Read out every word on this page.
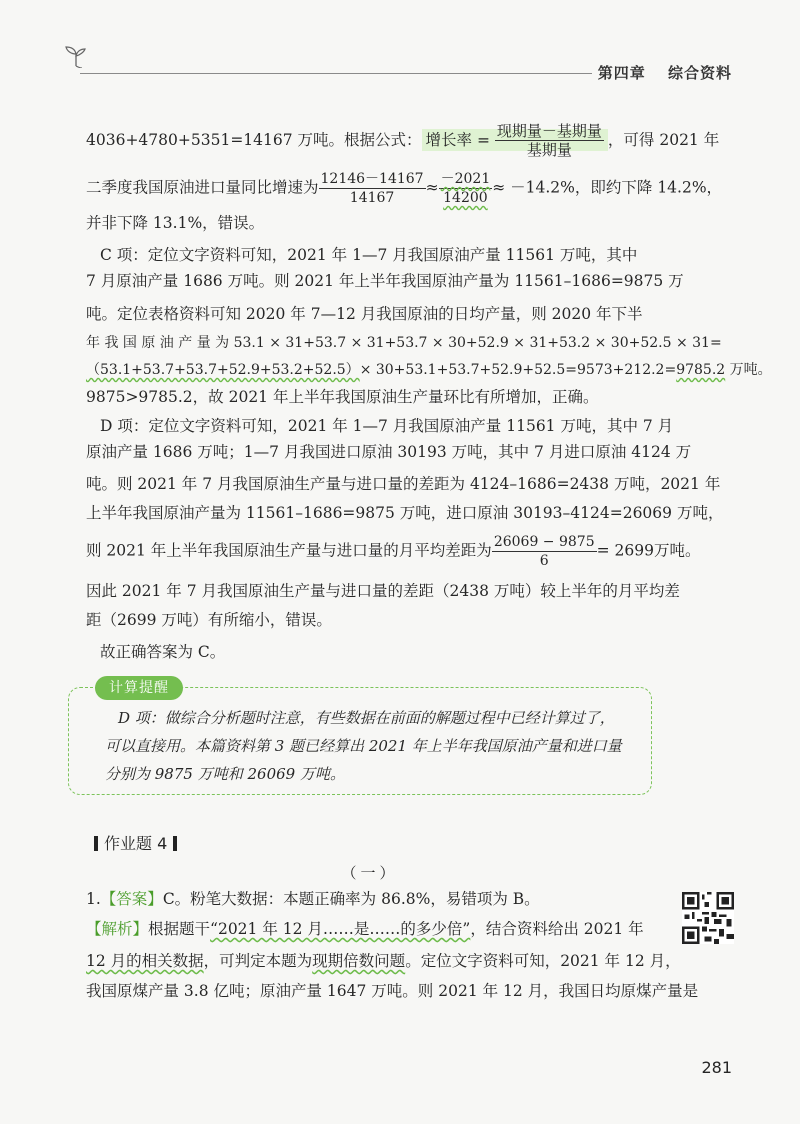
第四章 综合资料
4036+4780+5351=14167 万吨。根据公式： 增长率 = $\frac{\text{现期量－基期量}}{\text{基期量}}$ ，可得 2021 年
二季度我国原油进口量同比增速为 $\frac{12146-14167}{14167} \approx \frac{-2021}{14200} \approx -14.2\%$，即约下降 14.2%，
并非下降 13.1%，错误。
C 项：定位文字资料可知，2021 年 1—7 月我国原油产量 11561 万吨，其中
7 月原油产量 1686 万吨。则 2021 年上半年我国原油产量为 11561–1686=9875 万
吨。定位表格资料可知 2020 年 7—12 月我国原油的日均产量，则 2020 年下半
年 我 国 原 油 产 量 为 53.1 × 31+53.7 × 31+53.7 × 30+52.9 × 31+53.2 × 30+52.5 × 31=
（53.1+53.7+53.7+52.9+53.2+52.5）× 30+53.1+53.7+52.9+52.5=9573+212.2=9785.2 万吨。
9875>9785.2，故 2021 年上半年我国原油生产量环比有所增加，正确。
D 项：定位文字资料可知，2021 年 1—7 月我国原油产量 11561 万吨，其中 7 月
原油产量 1686 万吨；1—7 月我国进口原油 30193 万吨，其中 7 月进口原油 4124 万
吨。则 2021 年 7 月我国原油生产量与进口量的差距为 4124–1686=2438 万吨，2021 年
上半年我国原油产量为 11561–1686=9875 万吨，进口原油 30193–4124=26069 万吨，
则 2021 年上半年我国原油生产量与进口量的月平均差距为 $\frac{26069 - 9875}{6} = 2699$万吨。
因此 2021 年 7 月我国原油生产量与进口量的差距（2438 万吨）较上半年的月平均差
距（2699 万吨）有所缩小，错误。
故正确答案为 C。
计算提醒
D 项：做综合分析题时注意，有些数据在前面的解题过程中已经计算过了，
可以直接用。本篇资料第 3 题已经算出 2021 年上半年我国原油产量和进口量
分别为 9875 万吨和 26069 万吨。
作业题 4
（一）
1.【答案】C。粉笔大数据：本题正确率为 86.8%，易错项为 B。
【解析】根据题干“2021 年 12 月……是……的多少倍”，结合资料给出 2021 年
12 月的相关数据，可判定本题为现期倍数问题。定位文字资料可知，2021 年 12 月，
我国原煤产量 3.8 亿吨；原油产量 1647 万吨。则 2021 年 12 月，我国日均原煤产量是
281
